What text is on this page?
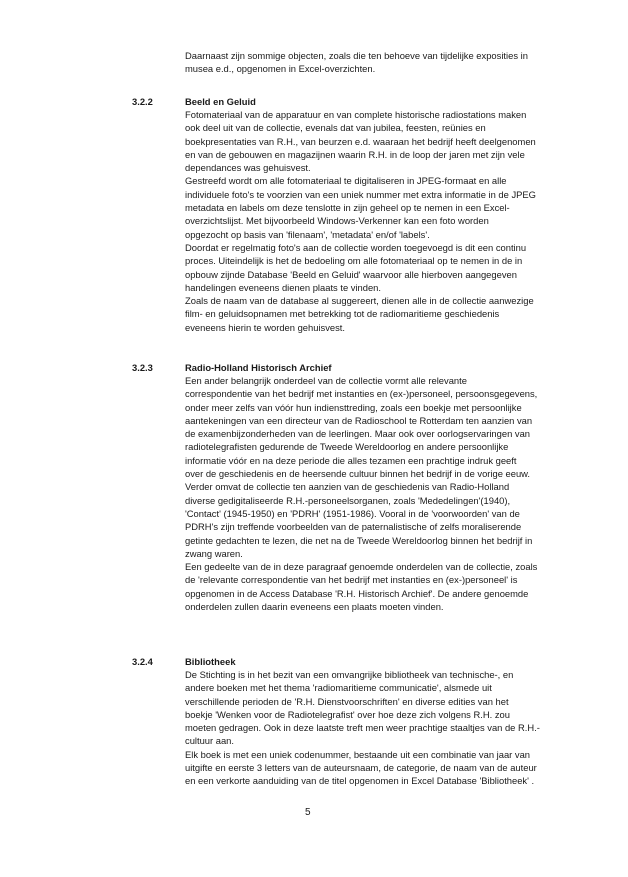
Daarnaast zijn sommige objecten, zoals die ten behoeve van tijdelijke exposities in
musea e.d., opgenomen in Excel-overzichten.

3.2.2	Beeld en Geluid

Fotomateriaal van de apparatuur en van complete historische radiostations maken
ook deel uit van de collectie, evenals dat van jubilea, feesten, reünies en
boekpresentaties van R.H., van beurzen e.d. waaraan het bedrijf heeft deelgenomen
en van de gebouwen en magazijnen waarin R.H. in de loop der jaren met zijn vele
dependances was gehuisvest.
Gestreefd wordt om alle fotomateriaal te digitaliseren in JPEG-formaat en alle
individuele foto's te voorzien van een uniek nummer met extra informatie in de JPEG
metadata en labels om deze tenslotte in zijn geheel op te nemen in een Excel-
overzichtslijst. Met bijvoorbeeld Windows-Verkenner kan een foto worden
opgezocht op basis van 'filenaam', 'metadata' en/of 'labels'.
Doordat er regelmatig foto's aan de collectie worden toegevoegd is dit een continu
proces. Uiteindelijk is het de bedoeling om alle fotomateriaal op te nemen in de in
opbouw zijnde Database 'Beeld en Geluid' waarvoor alle hierboven aangegeven
handelingen eveneens dienen plaats te vinden.
Zoals de naam van de database al suggereert, dienen alle in de collectie aanwezige
film- en geluidsopnamen met betrekking tot de radiomaritieme geschiedenis
eveneens hierin te worden gehuisvest.

3.2.3	Radio-Holland Historisch Archief

Een ander belangrijk onderdeel van de collectie vormt alle relevante
correspondentie van het bedrijf met instanties en (ex-)personeel, persoonsgegevens,
onder meer zelfs van vóór hun indiensttreding, zoals een boekje met persoonlijke
aantekeningen van een directeur van de Radioschool te Rotterdam ten aanzien van
de examenbijzonderheden van de leerlingen. Maar ook over oorlogservaringen van
radiotelegrafisten gedurende de Tweede Wereldoorlog en andere persoonlijke
informatie vóór en na deze periode die alles tezamen een prachtige indruk geeft
over de geschiedenis en de heersende cultuur binnen het bedrijf in de vorige eeuw.
Verder omvat de collectie ten aanzien van de geschiedenis van Radio-Holland
diverse gedigitaliseerde R.H.-personeelsorganen, zoals 'Mededelingen'(1940),
'Contact' (1945-1950) en 'PDRH' (1951-1986). Vooral in de 'voorwoorden' van de
PDRH's zijn treffende voorbeelden van de paternalistische of zelfs moraliserende
getinte gedachten te lezen, die net na de Tweede Wereldoorlog binnen het bedrijf in
zwang waren.
Een gedeelte van de in deze paragraaf genoemde onderdelen van de collectie, zoals
de 'relevante correspondentie van het bedrijf met instanties en (ex-)personeel' is
opgenomen in de Access Database 'R.H. Historisch Archief'. De andere genoemde
onderdelen zullen daarin eveneens een plaats moeten vinden.

3.2.4	Bibliotheek

De Stichting is in het bezit van een omvangrijke bibliotheek van technische-, en
andere boeken met het thema 'radiomaritieme communicatie', alsmede uit
verschillende perioden de 'R.H. Dienstvoorschriften' en diverse edities van het
boekje 'Wenken voor de Radiotelegrafist' over hoe deze zich volgens R.H. zou
moeten gedragen. Ook in deze laatste treft men weer prachtige staaltjes van de R.H.-
cultuur aan.
Elk boek is met een uniek codenummer, bestaande uit een combinatie van jaar van
uitgifte en eerste 3 letters van de auteursnaam, de categorie, de naam van de auteur
en een verkorte aanduiding van de titel opgenomen in Excel Database 'Bibliotheek' .

5
